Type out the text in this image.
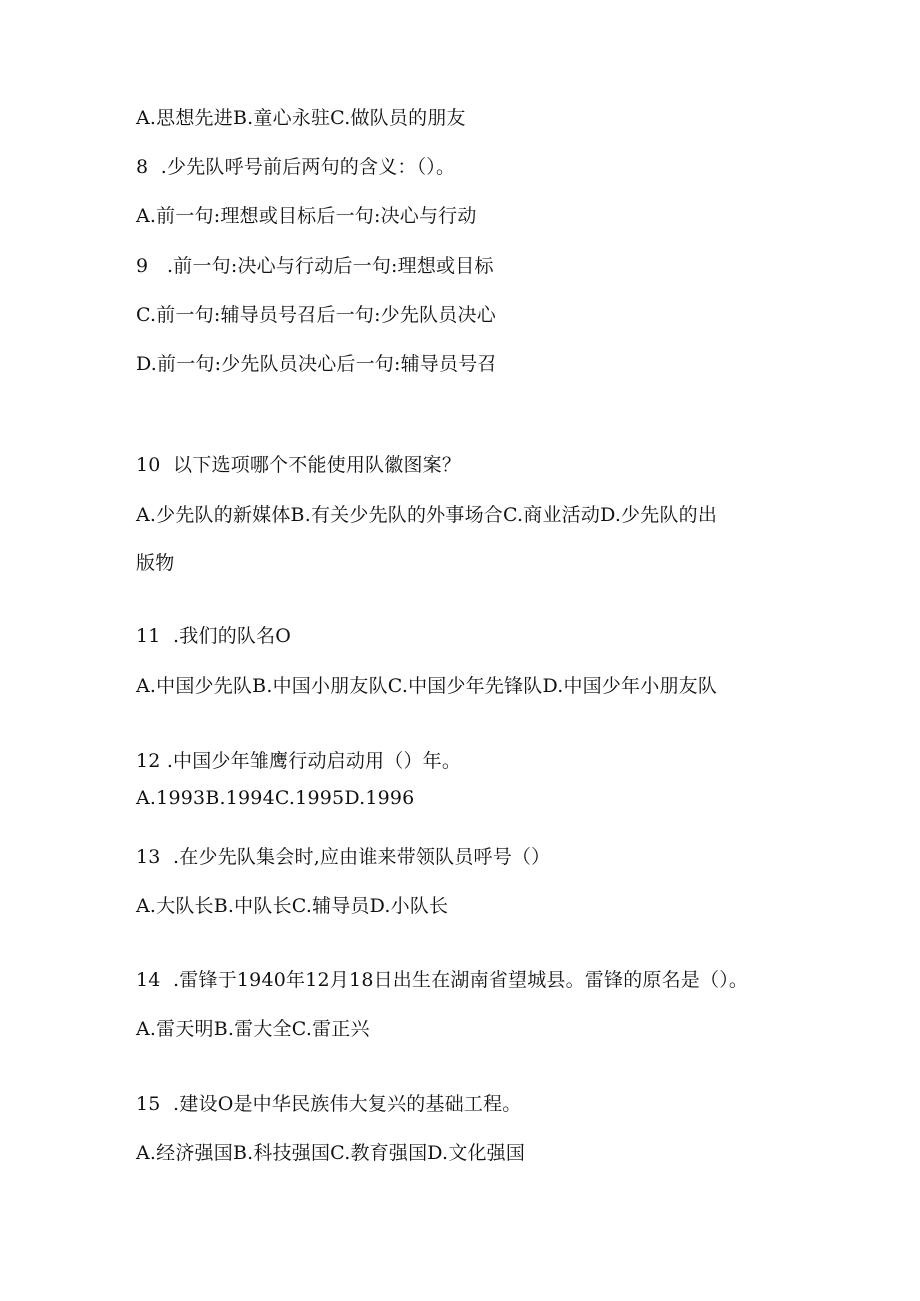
A.思想先进B.童心永驻C.做队员的朋友
8  .少先队呼号前后两句的含义：（）。
A.前一句:理想或目标后一句:决心与行动
9   .前一句:决心与行动后一句:理想或目标
C.前一句:辅导员号召后一句:少先队员决心
D.前一句:少先队员决心后一句:辅导员号召
10  以下选项哪个不能使用队徽图案？
A.少先队的新媒体B.有关少先队的外事场合C.商业活动D.少先队的出
版物
11  .我们的队名O
A.中国少先队B.中国小朋友队C.中国少年先锋队D.中国少年小朋友队
12 .中国少年雏鹰行动启动用（）年。
A.1993B.1994C.1995D.1996
13  .在少先队集会时,应由谁来带领队员呼号（）
A.大队长B.中队长C.辅导员D.小队长
14  .雷锋于1940年12月18日出生在湖南省望城县。雷锋的原名是（）。
A.雷天明B.雷大全C.雷正兴
15  .建设O是中华民族伟大复兴的基础工程。
A.经济强国B.科技强国C.教育强国D.文化强国
